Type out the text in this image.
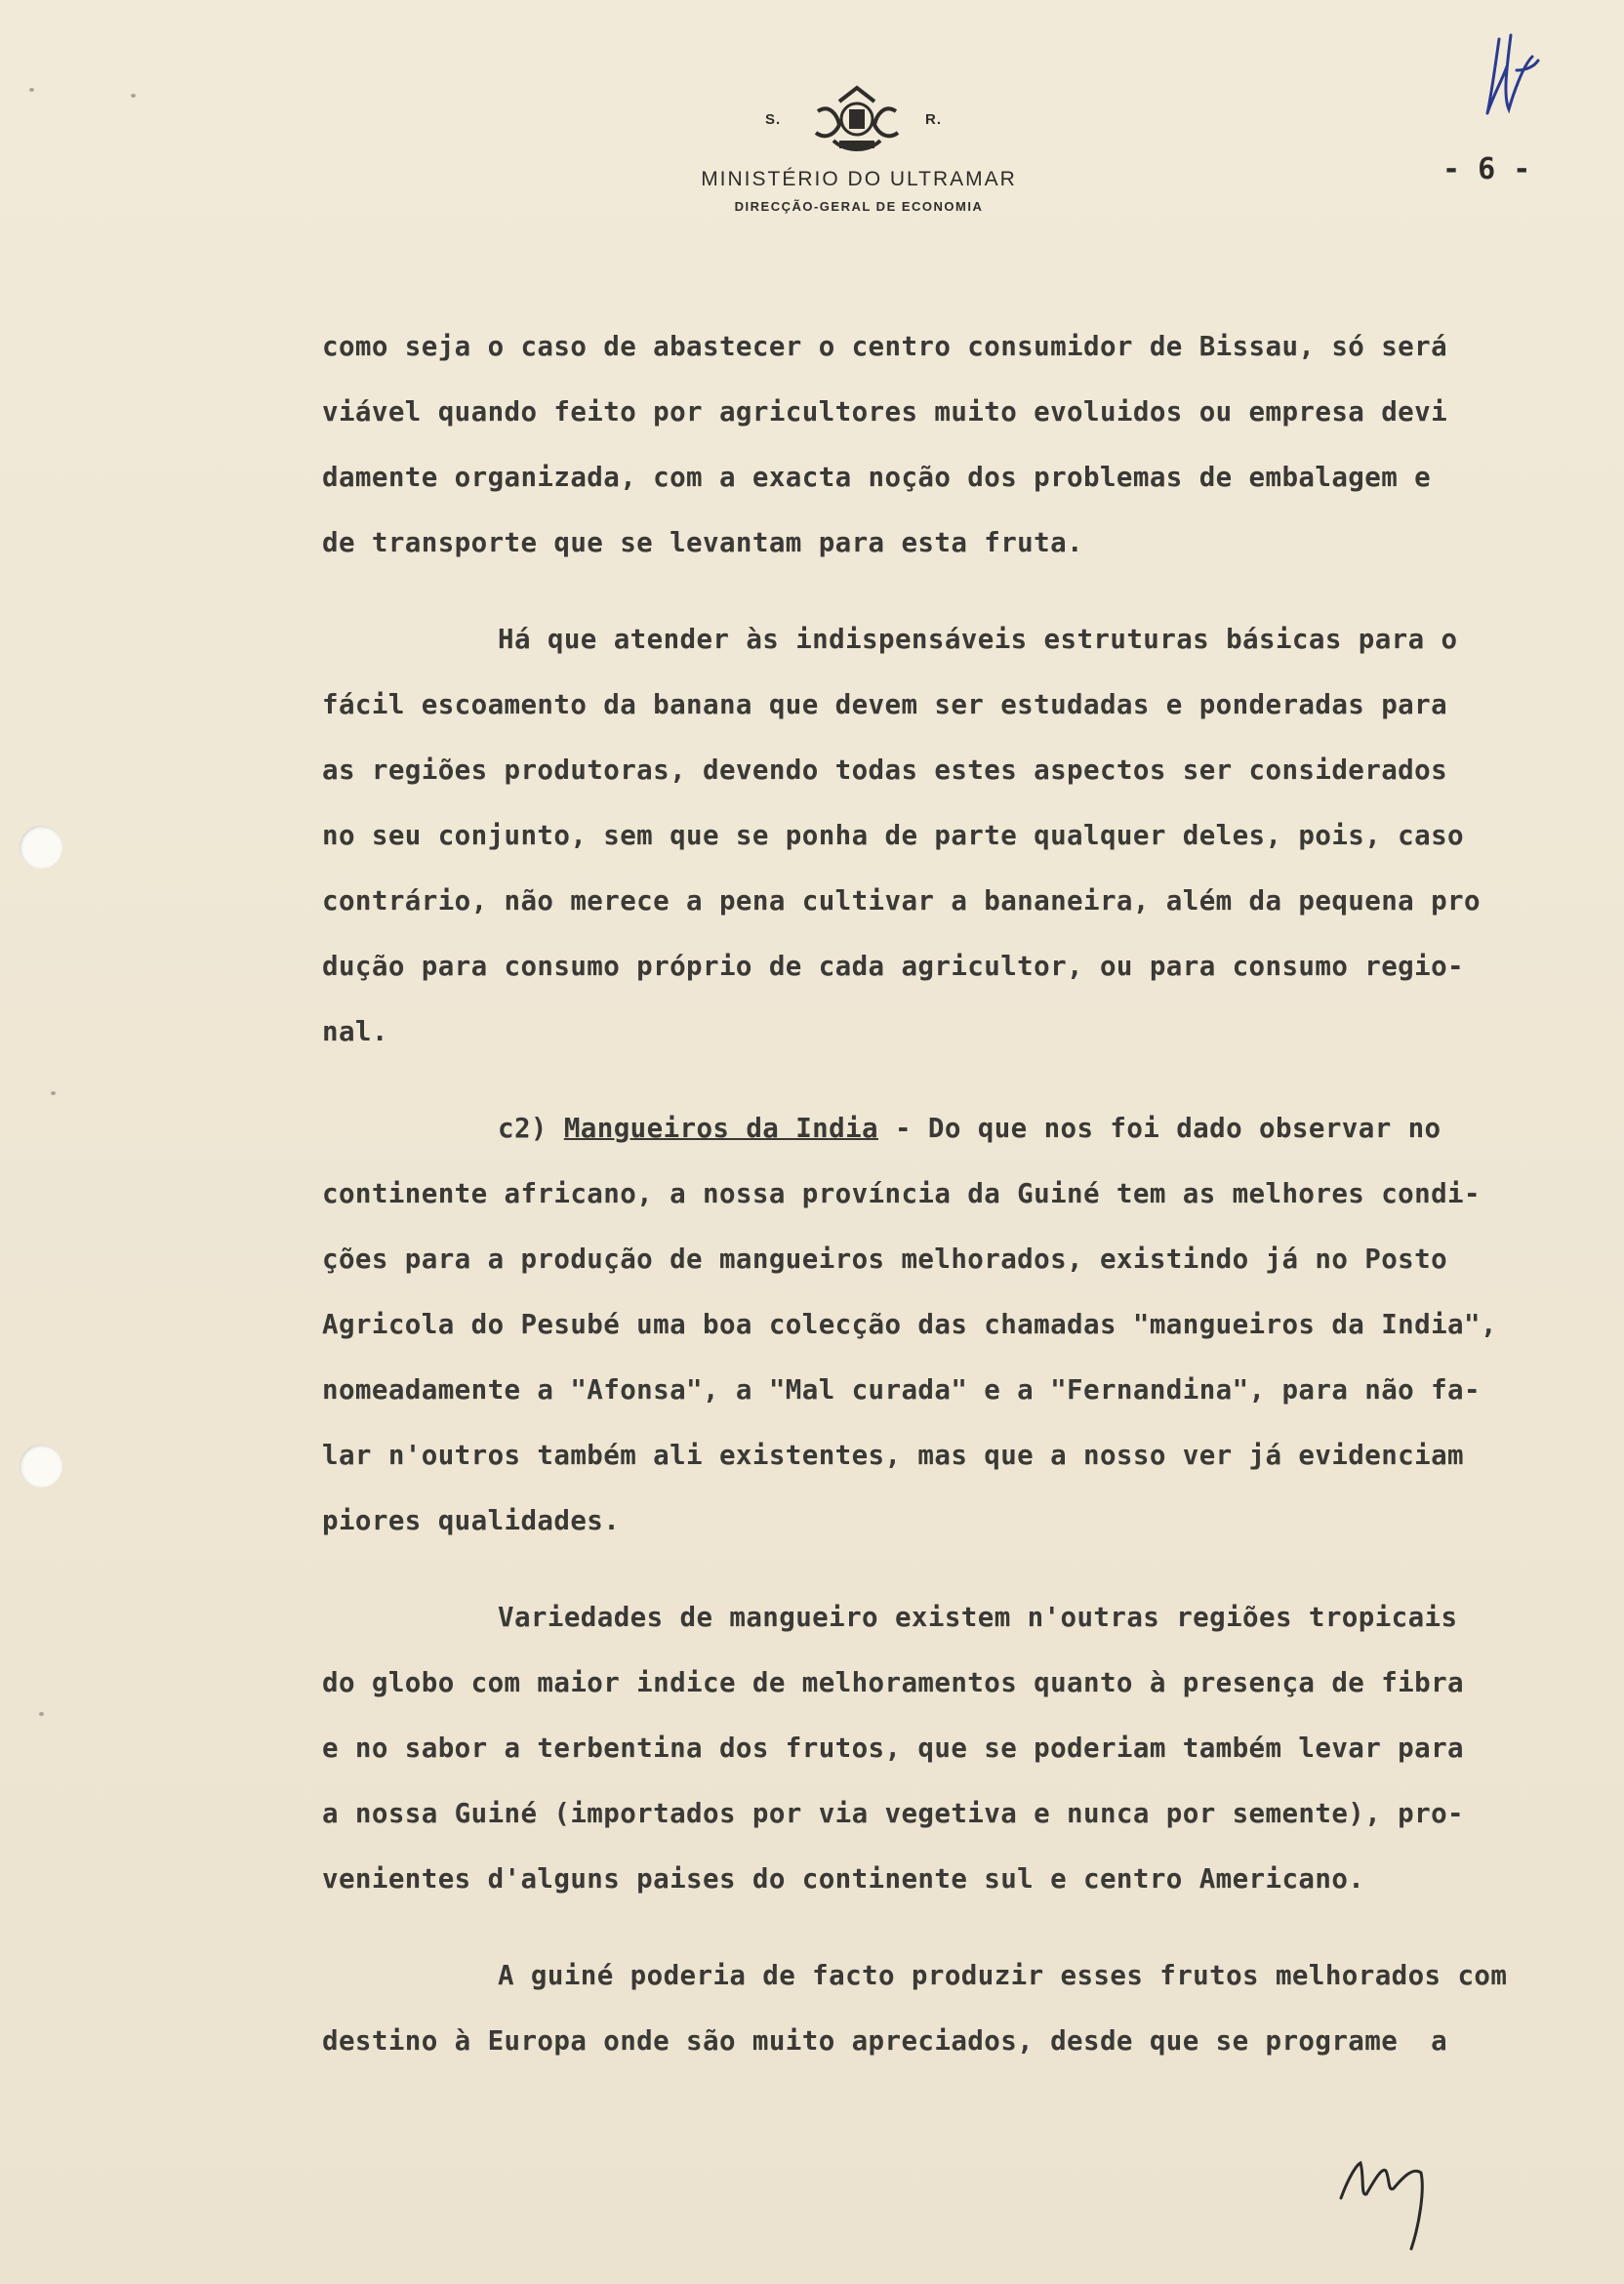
S.	R.
MINISTÉRIO DO ULTRAMAR
DIRECÇÃO-GERAL DE ECONOMIA
- 6 -
como seja o caso de abastecer o centro consumidor de Bissau, só será
viável quando feito por agricultores muito evoluidos ou empresa devi
damente organizada, com a exacta noção dos problemas de embalagem e
de transporte que se levantam para esta fruta.
Há que atender às indispensáveis estruturas básicas para o
fácil escoamento da banana que devem ser estudadas e ponderadas para
as regiões produtoras, devendo todas estes aspectos ser considerados
no seu conjunto, sem que se ponha de parte qualquer deles, pois, caso
contrário, não merece a pena cultivar a bananeira, além da pequena pro
dução para consumo próprio de cada agricultor, ou para consumo regio-
nal.
c2) Mangueiros da India - Do que nos foi dado observar no
continente africano, a nossa província da Guiné tem as melhores condi-
ções para a produção de mangueiros melhorados, existindo já no Posto
Agricola do Pesubé uma boa colecção das chamadas "mangueiros da India",
nomeadamente a "Afonsa", a "Mal curada" e a "Fernandina", para não fa-
lar n'outros também ali existentes, mas que a nosso ver já evidenciam
piores qualidades.
Variedades de mangueiro existem n'outras regiões tropicais
do globo com maior indice de melhoramentos quanto à presença de fibra
e no sabor a terbentina dos frutos, que se poderiam também levar para
a nossa Guiné (importados por via vegetiva e nunca por semente), pro-
venientes d'alguns paises do continente sul e centro Americano.
A guiné poderia de facto produzir esses frutos melhorados com
destino à Europa onde são muito apreciados, desde que se programe  a
